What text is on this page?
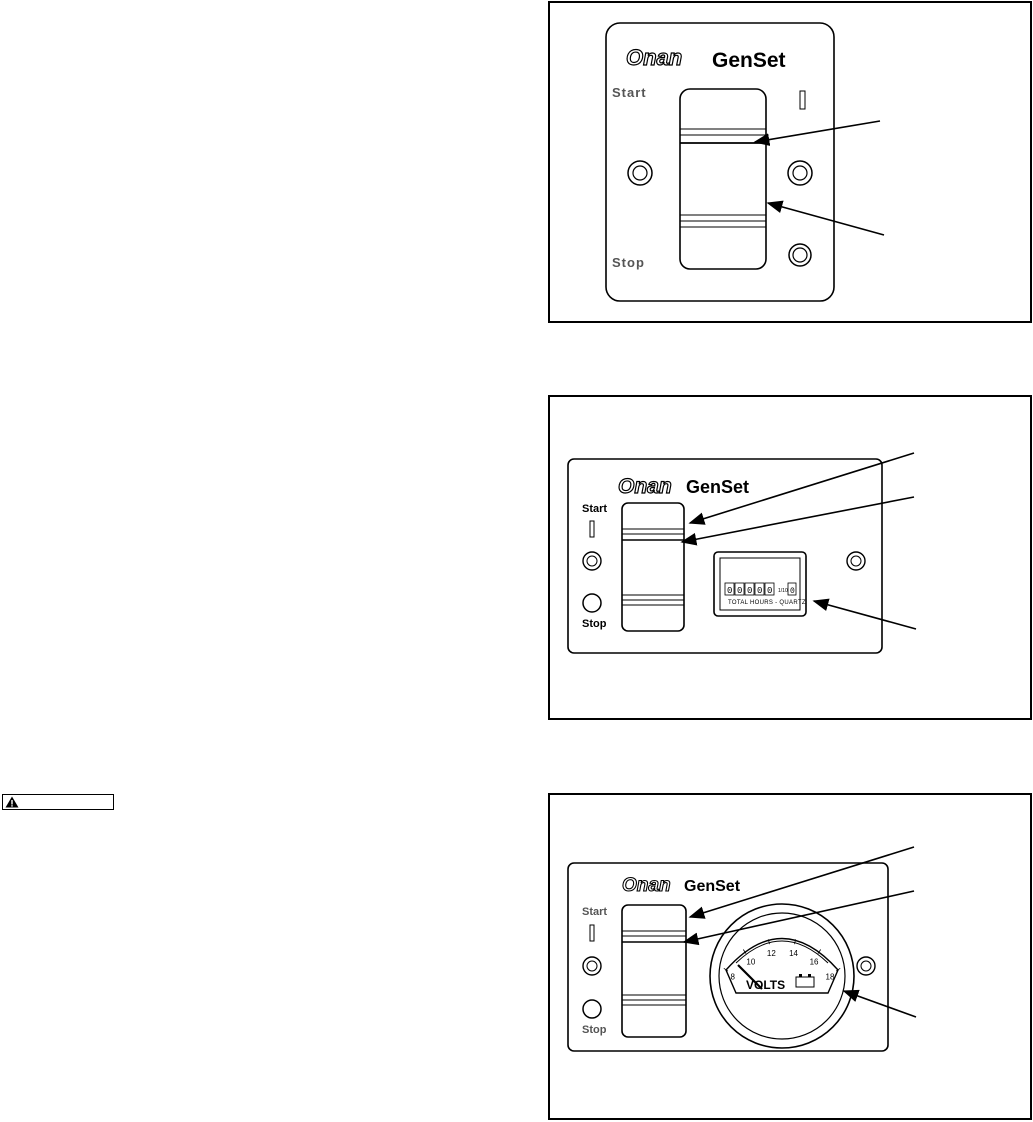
Onan GenSet
Start
Stop
Onan GenSet
Start
Stop
0 0 0 0 0 1/10 0
TOTAL HOURS - QUARTZ
Onan GenSet
Start
Stop
8
10
12 14
16
18
VOLTS
